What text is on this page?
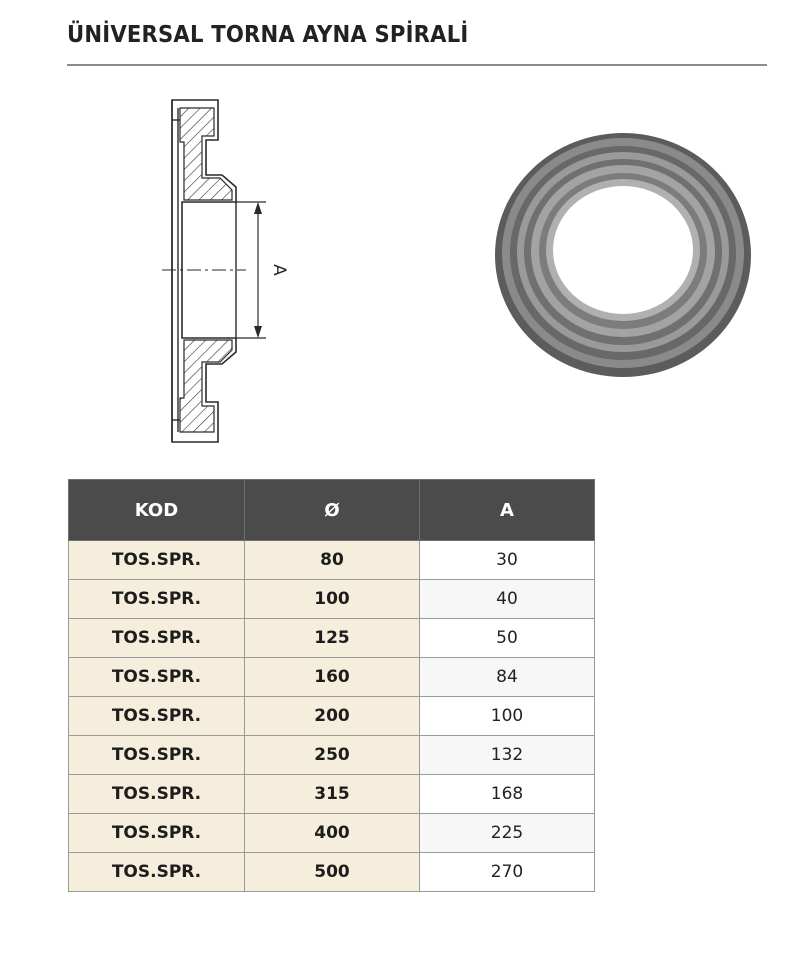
ÜNİVERSAL TORNA AYNA SPİRALİ
A
KOD	Ø	A
TOS.SPR.	80	30
TOS.SPR.	100	40
TOS.SPR.	125	50
TOS.SPR.	160	84
TOS.SPR.	200	100
TOS.SPR.	250	132
TOS.SPR.	315	168
TOS.SPR.	400	225
TOS.SPR.	500	270
